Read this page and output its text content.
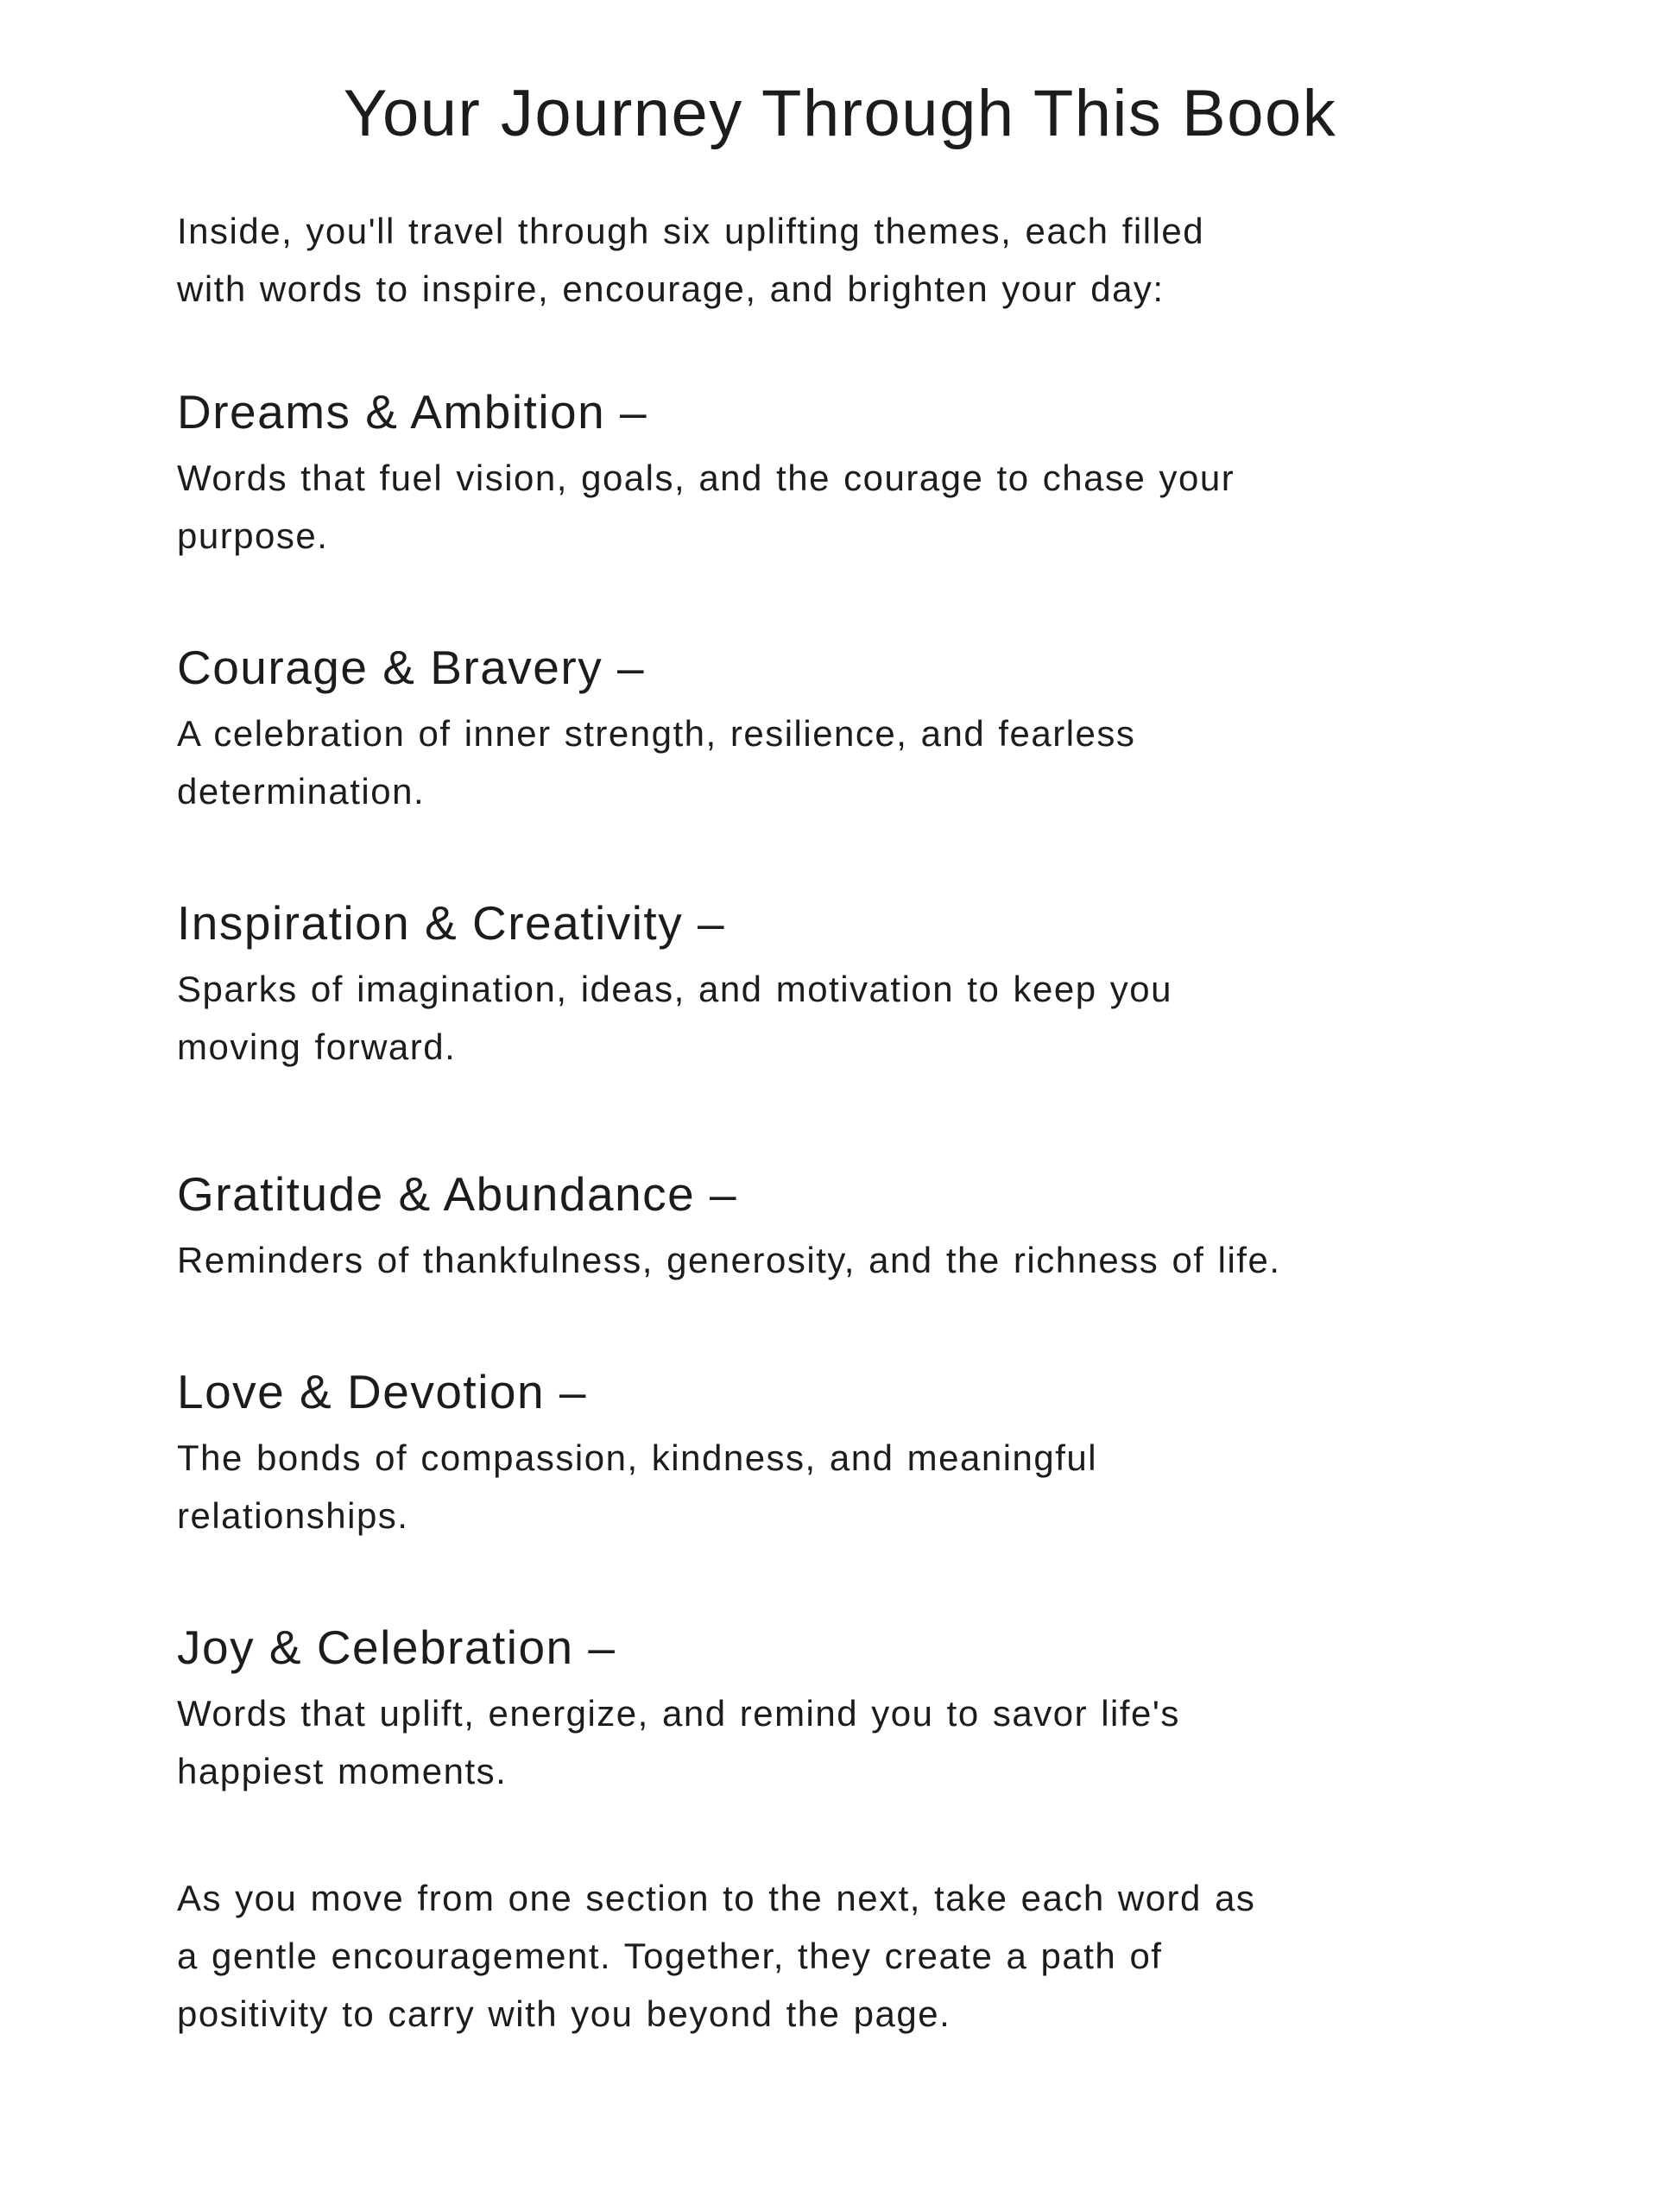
Your Journey Through This Book

Inside, you'll travel through six uplifting themes, each filled
with words to inspire, encourage, and brighten your day:

Dreams & Ambition –

Words that fuel vision, goals, and the courage to chase your
purpose.

Courage & Bravery –

A celebration of inner strength, resilience, and fearless
determination.

Inspiration & Creativity –

Sparks of imagination, ideas, and motivation to keep you
moving forward.

Gratitude & Abundance –

Reminders of thankfulness, generosity, and the richness of life.

Love & Devotion –

The bonds of compassion, kindness, and meaningful
relationships.

Joy & Celebration –

Words that uplift, energize, and remind you to savor life's
happiest moments.

As you move from one section to the next, take each word as
a gentle encouragement. Together, they create a path of
positivity to carry with you beyond the page.
